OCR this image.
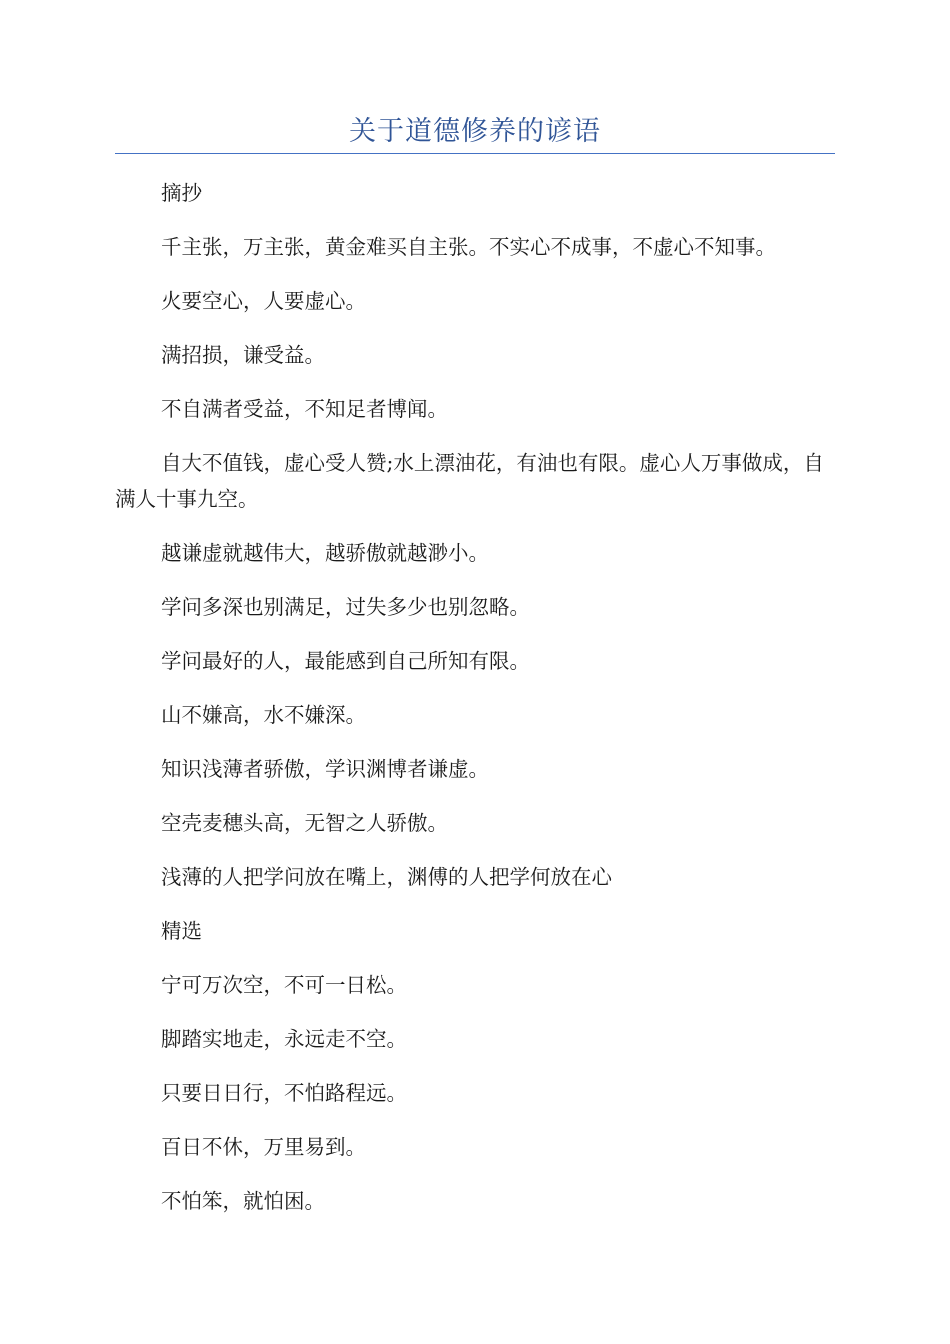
关于道德修养的谚语

摘抄

千主张，万主张，黄金难买自主张。不实心不成事，不虚心不知事。

火要空心，人要虚心。

满招损，谦受益。

不自满者受益，不知足者博闻。

自大不值钱，虚心受人赞;水上漂油花，有油也有限。虚心人万事做成，自满人十事九空。

越谦虚就越伟大，越骄傲就越渺小。

学问多深也别满足，过失多少也别忽略。

学问最好的人，最能感到自己所知有限。

山不嫌高，水不嫌深。

知识浅薄者骄傲，学识渊博者谦虚。

空壳麦穗头高，无智之人骄傲。

浅薄的人把学问放在嘴上，渊傅的人把学何放在心

精选

宁可万次空，不可一日松。

脚踏实地走，永远走不空。

只要日日行，不怕路程远。

百日不休，万里易到。

不怕笨，就怕困。
